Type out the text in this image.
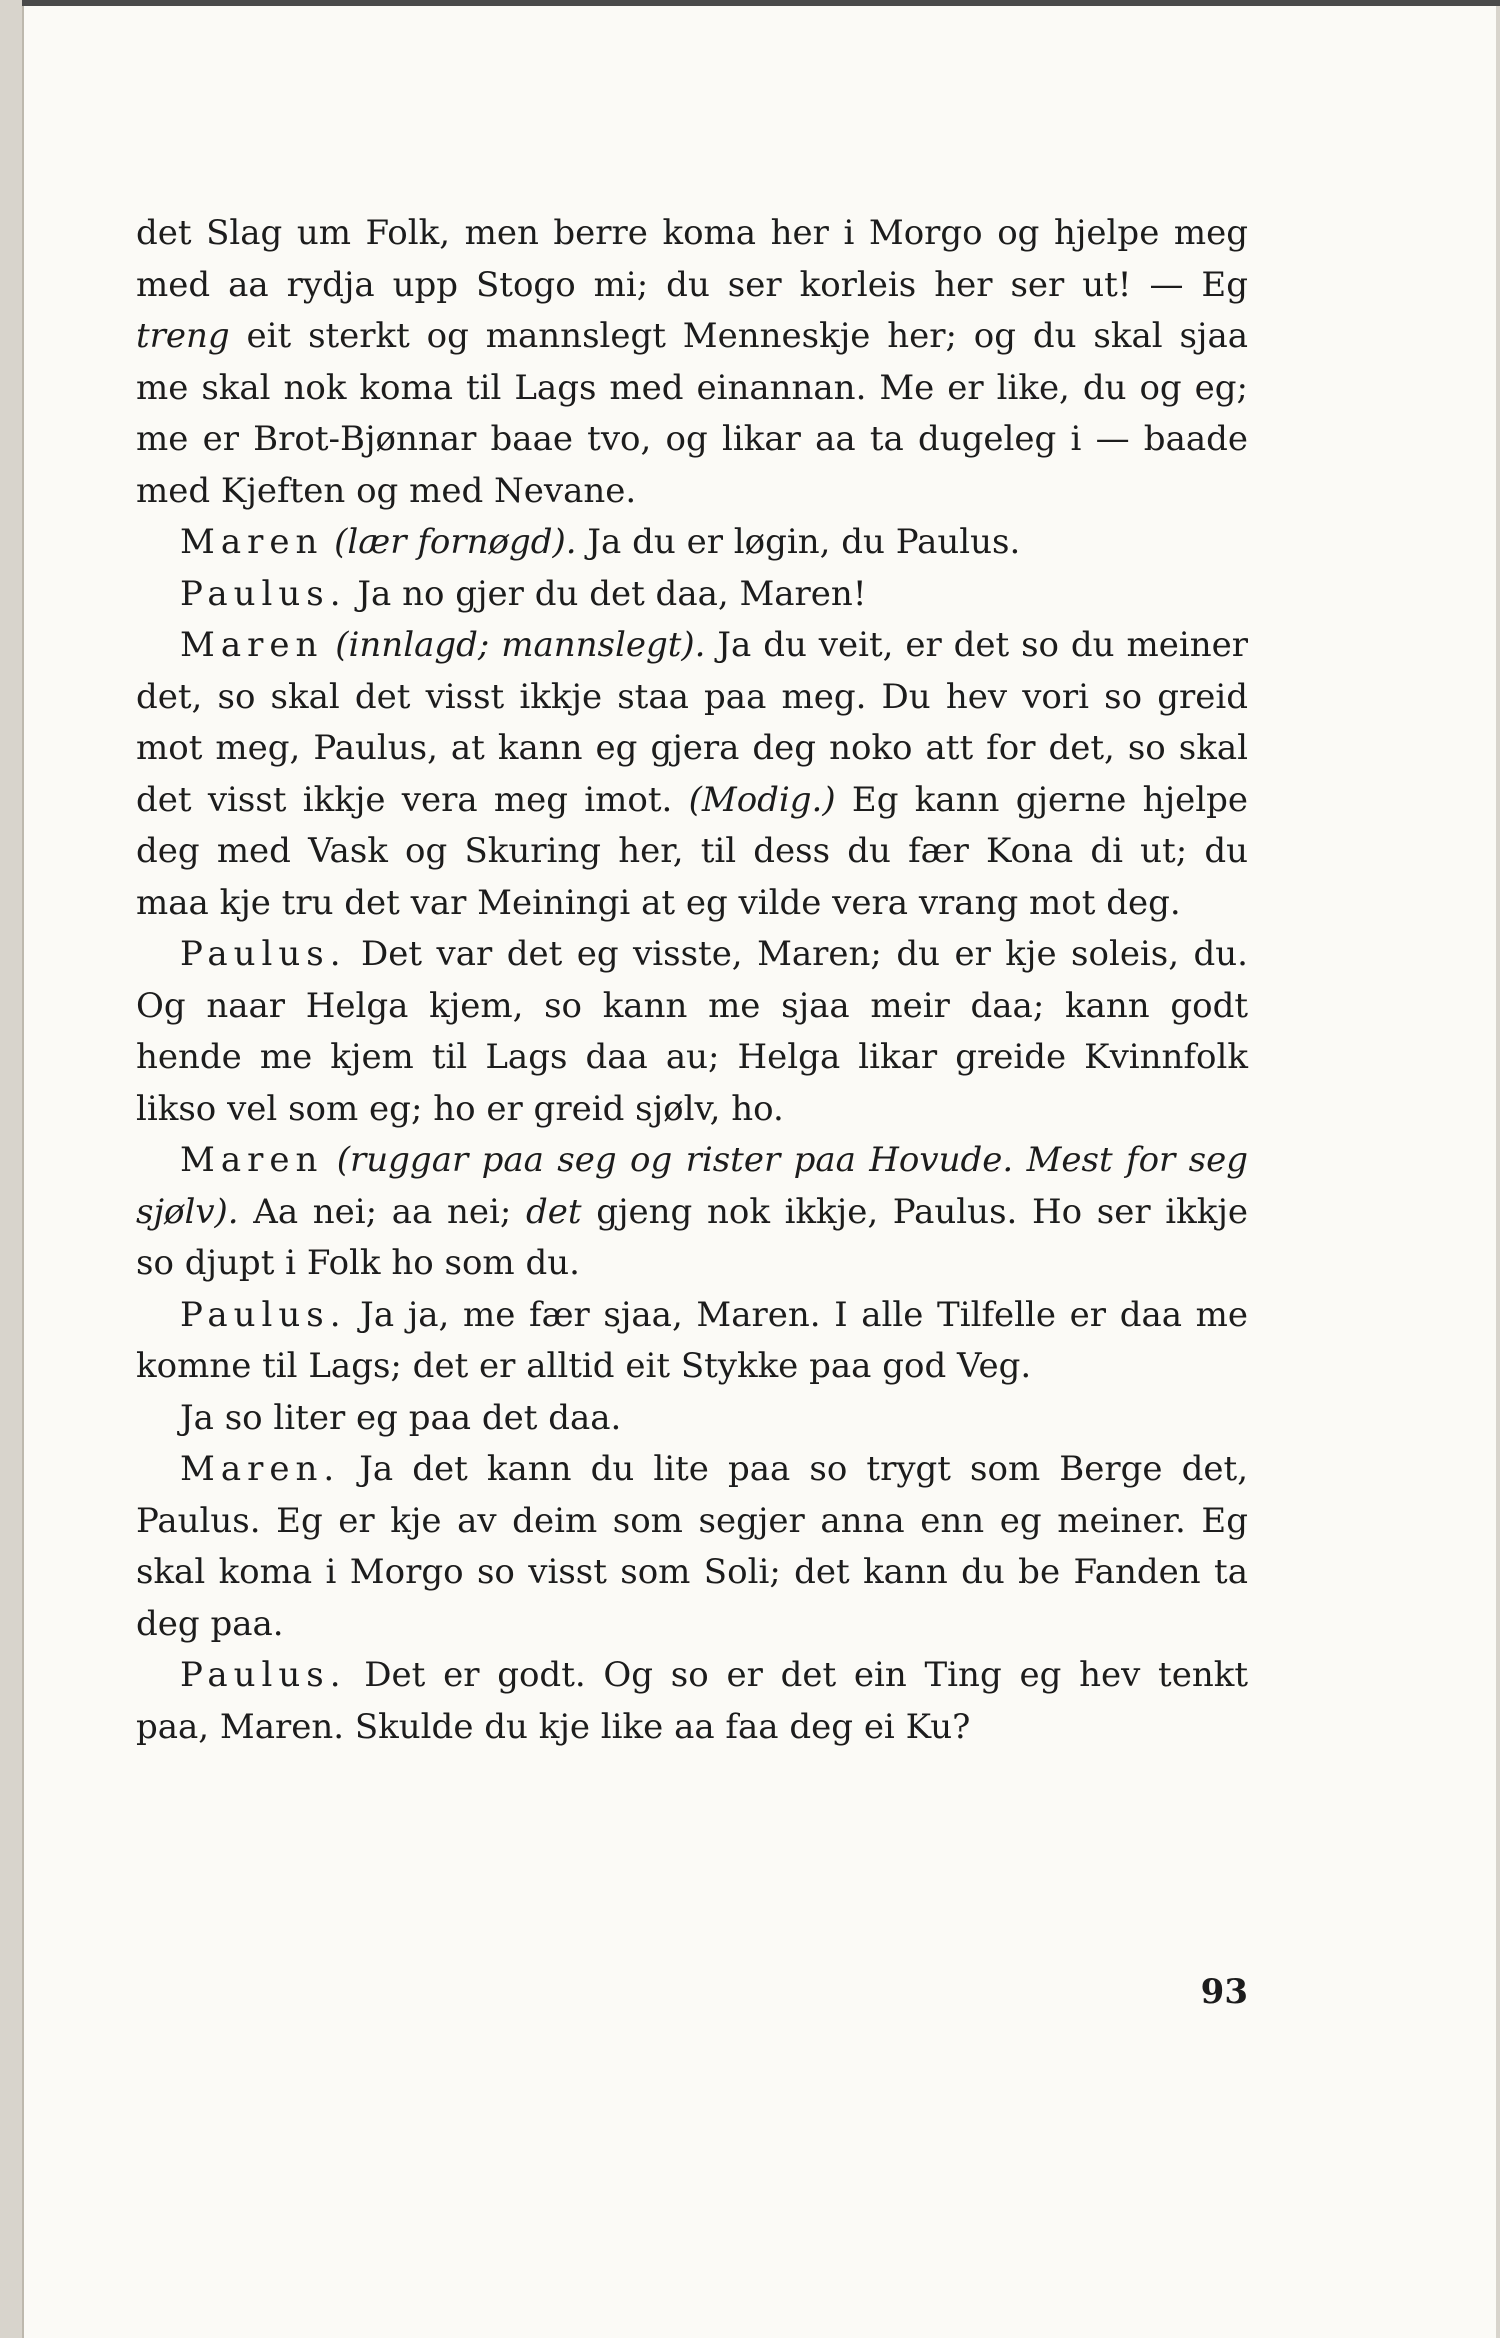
det Slag um Folk, men berre koma her i Morgo og hjelpe meg med aa rydja upp Stogo mi; du ser korleis her ser ut! — Eg treng eit sterkt og mannslegt Menneskje her; og du skal sjaa me skal nok koma til Lags med einannan. Me er like, du og eg; me er Brot-Bjønnar baae tvo, og likar aa ta dugeleg i — baade med Kjeften og med Nevane.

Maren (lær fornøgd). Ja du er løgin, du Paulus.

Paulus. Ja no gjer du det daa, Maren!

Maren (innlagd; mannslegt). Ja du veit, er det so du meiner det, so skal det visst ikkje staa paa meg. Du hev vori so greid mot meg, Paulus, at kann eg gjera deg noko att for det, so skal det visst ikkje vera meg imot. (Modig.) Eg kann gjerne hjelpe deg med Vask og Skuring her, til dess du fær Kona di ut; du maa kje tru det var Meiningi at eg vilde vera vrang mot deg.

Paulus. Det var det eg visste, Maren; du er kje soleis, du. Og naar Helga kjem, so kann me sjaa meir daa; kann godt hende me kjem til Lags daa au; Helga likar greide Kvinnfolk likso vel som eg; ho er greid sjølv, ho.

Maren (ruggar paa seg og rister paa Hovude. Mest for seg sjølv). Aa nei; aa nei; det gjeng nok ikkje, Paulus. Ho ser ikkje so djupt i Folk ho som du.

Paulus. Ja ja, me fær sjaa, Maren. I alle Tilfelle er daa me komne til Lags; det er alltid eit Stykke paa god Veg.

Ja so liter eg paa det daa.

Maren. Ja det kann du lite paa so trygt som Berge det, Paulus. Eg er kje av deim som segjer anna enn eg meiner. Eg skal koma i Morgo so visst som Soli; det kann du be Fanden ta deg paa.

Paulus. Det er godt. Og so er det ein Ting eg hev tenkt paa, Maren. Skulde du kje like aa faa deg ei Ku?

93
